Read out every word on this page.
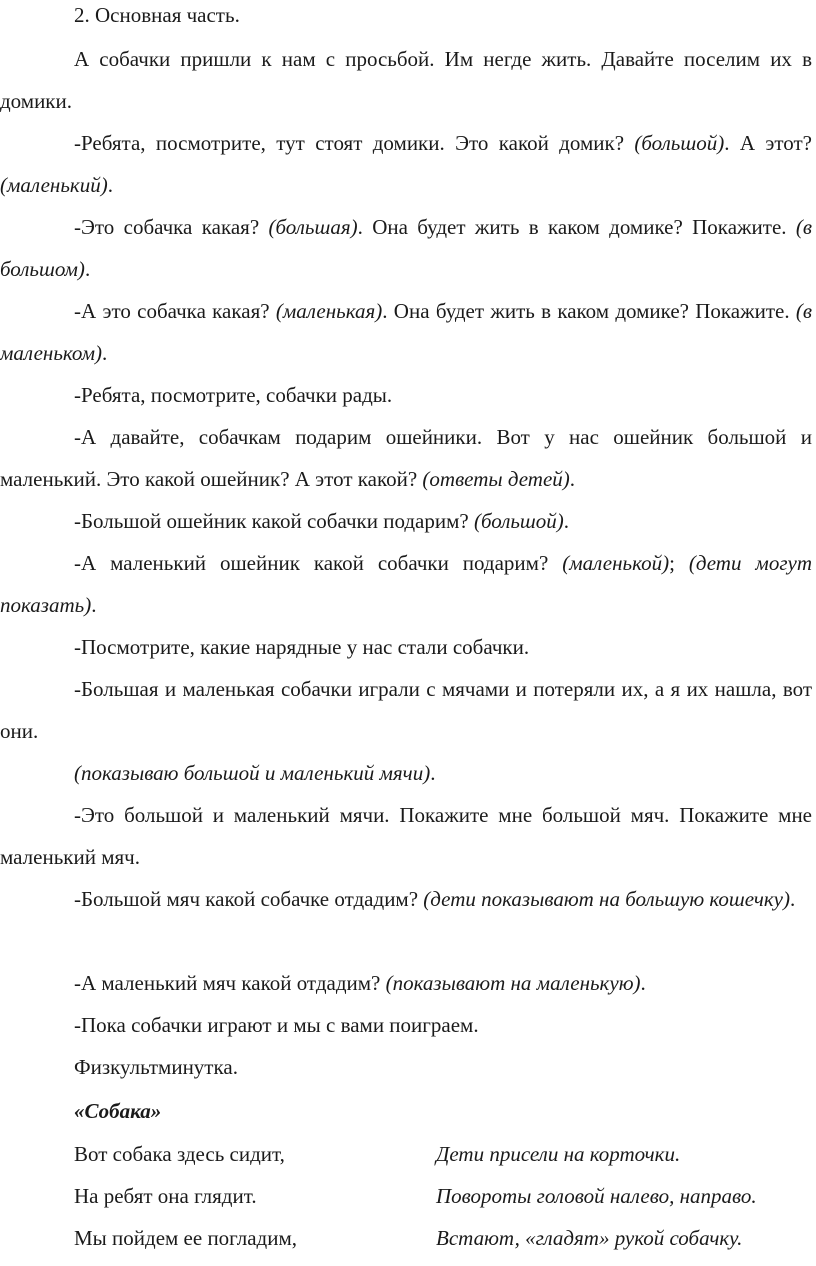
2. Основная часть.

А собачки пришли к нам с просьбой. Им негде жить. Давайте поселим их в домики.

-Ребята, посмотрите, тут стоят домики. Это какой домик? (большой). А этот? (маленький).

-Это собачка какая? (большая). Она будет жить в каком домике? Покажите. (в большом).

-А это собачка какая? (маленькая). Она будет жить в каком домике? Покажите. (в маленьком).

-Ребята, посмотрите, собачки рады.

-А давайте, собачкам подарим ошейники. Вот у нас ошейник большой и маленький. Это какой ошейник? А этот какой? (ответы детей).

-Большой ошейник какой собачки подарим? (большой).

-А маленький ошейник какой собачки подарим? (маленькой); (дети могут показать).

-Посмотрите, какие нарядные у нас стали собачки.

-Большая и маленькая собачки играли с мячами и потеряли их, а я их нашла, вот они.

(показываю большой и маленький мячи).

-Это большой и маленький мячи. Покажите мне большой мяч. Покажите мне маленький мяч.

-Большой мяч какой собачке отдадим? (дети показывают на большую кошечку).

-А маленький мяч какой отдадим? (показывают на маленькую).

-Пока собачки играют и мы с вами поиграем.

Физкультминутка.

«Собака»
Вот собака здесь сидит,	Дети присели на корточки.
На ребят она глядит.	Повороты головой налево, направо.
Мы пойдем ее погладим,	Встают, «гладят» рукой собачку.
